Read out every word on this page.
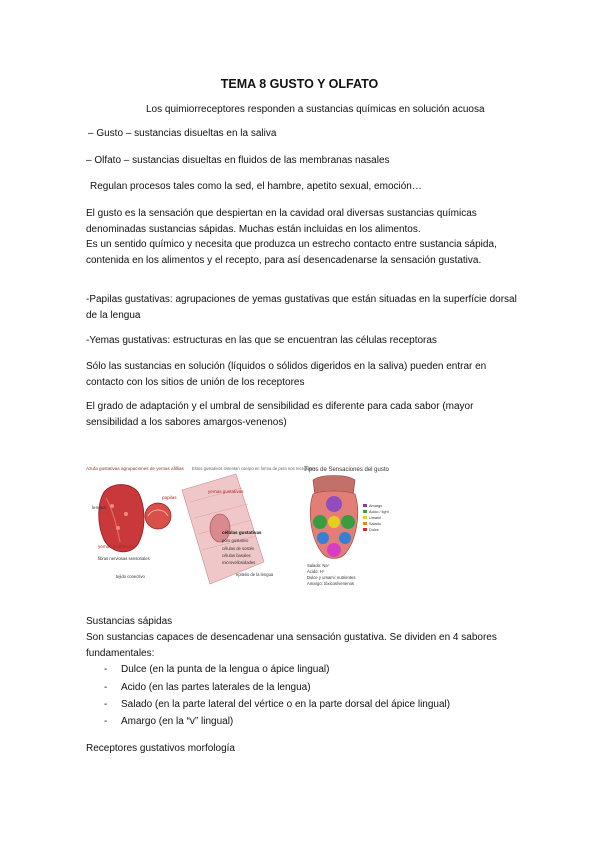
TEMA 8 GUSTO Y OLFATO
Los quimiorreceptores responden a sustancias químicas en solución acuosa
– Gusto – sustancias disueltas en la saliva
– Olfato – sustancias disueltas en fluidos de las membranas nasales
Regulan procesos tales como la sed, el hambre, apetito sexual, emoción…
El gusto es la sensación que despiertan en la cavidad oral diversas sustancias químicas denominadas sustancias sápidas. Muchas están incluidas en los alimentos.
Es un sentido químico y necesita que produzca un estrecho contacto entre sustancia sápida, contenida en los alimentos y el recepto, para así desencadenarse la sensación gustativa.
-Papilas gustativas: agrupaciones de yemas gustativas que están situadas en la superfície dorsal de la lengua
-Yemas gustativas: estructuras en las que se encuentran las células receptoras
Sólo las sustancias en solución (líquidos o sólidos digeridos en la saliva) pueden entrar en contacto con los sitios de unión de los receptores
El grado de adaptación y el umbral de sensibilidad es diferente para cada sabor (mayor sensibilidad a los sabores amargos-venenos)
Azufa gustativas agrupaciones de yemas afillias Estos gustativos ostentan cuerpo en forma de pera nos receptores
papilas
yemas gustativas
lengua
yemas gustativas
fibras nerviosas sensoriales
tejido conectivo
células gustativas
poro gustativo
células de sostén
células basales
microvellosidades
epitelio de la lengua
Tipos de Sensaciones del gusto
Amargo
Ácido / light
Umami
Salado
Dulce
Salado: Na⁺
Ácido: H⁺
Dulce y umami: nutrientes
Amargo: tóxicos/venenos
Sustancias sápidas
Son sustancias capaces de desencadenar una sensación gustativa. Se dividen en 4 sabores fundamentales:
- Dulce (en la punta de la lengua o ápice lingual)
- Acido (en las partes laterales de la lengua)
- Salado (en la parte lateral del vértice o en la parte dorsal del ápice lingual)
- Amargo (en la “v” lingual)
Receptores gustativos morfología
